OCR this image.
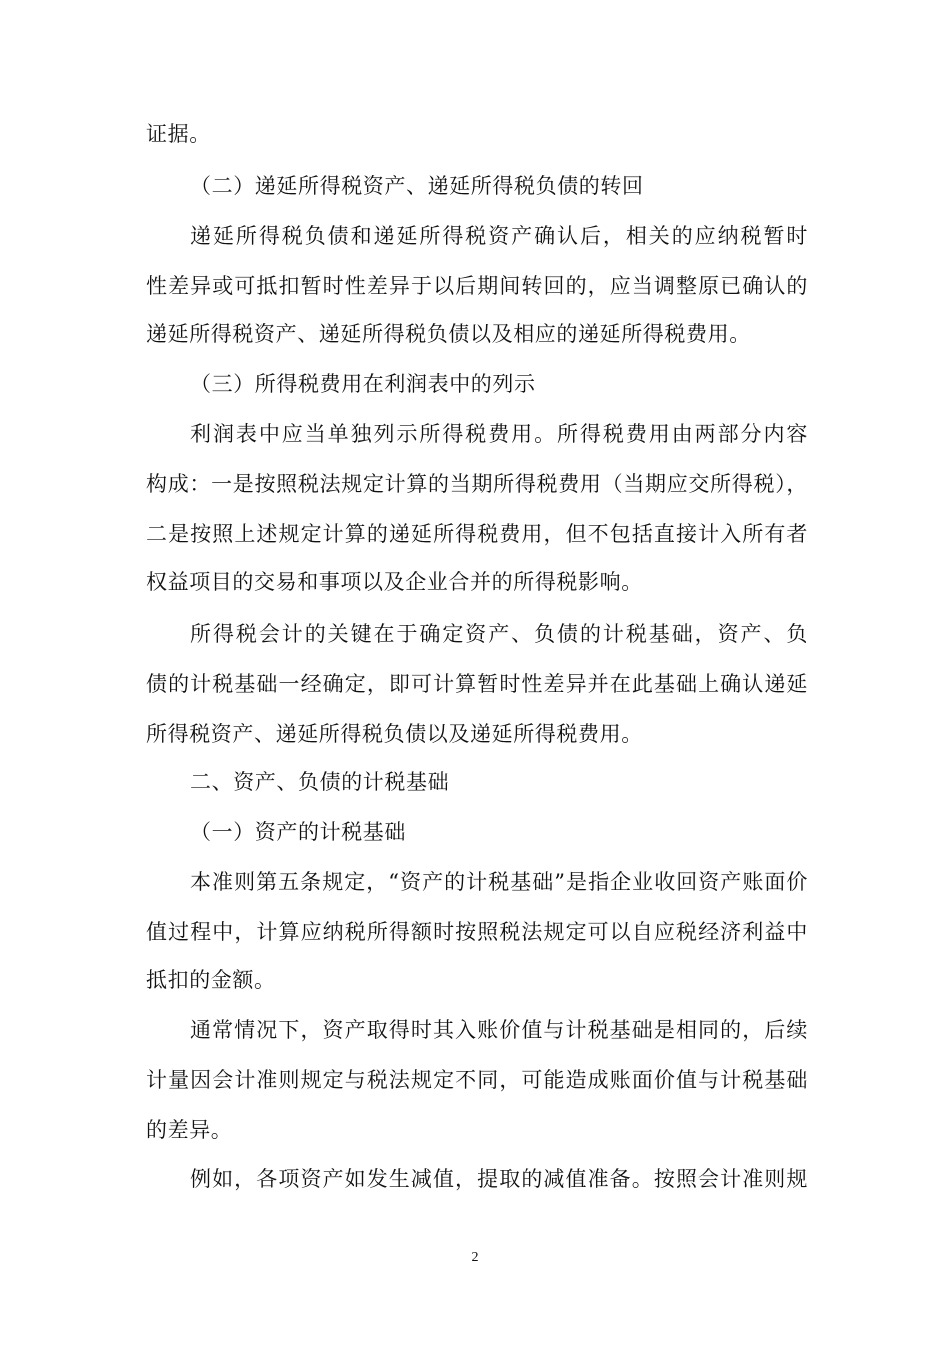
证据。
（二）递延所得税资产、递延所得税负债的转回
递延所得税负债和递延所得税资产确认后，相关的应纳税暂时
性差异或可抵扣暂时性差异于以后期间转回的，应当调整原已确认的
递延所得税资产、递延所得税负债以及相应的递延所得税费用。
（三）所得税费用在利润表中的列示
利润表中应当单独列示所得税费用。所得税费用由两部分内容
构成：一是按照税法规定计算的当期所得税费用（当期应交所得税），
二是按照上述规定计算的递延所得税费用，但不包括直接计入所有者
权益项目的交易和事项以及企业合并的所得税影响。
所得税会计的关键在于确定资产、负债的计税基础，资产、负
债的计税基础一经确定，即可计算暂时性差异并在此基础上确认递延
所得税资产、递延所得税负债以及递延所得税费用。
二、资产、负债的计税基础
（一）资产的计税基础
本准则第五条规定，“资产的计税基础”是指企业收回资产账面价
值过程中，计算应纳税所得额时按照税法规定可以自应税经济利益中
抵扣的金额。
通常情况下，资产取得时其入账价值与计税基础是相同的，后续
计量因会计准则规定与税法规定不同，可能造成账面价值与计税基础
的差异。
例如，各项资产如发生减值，提取的减值准备。按照会计准则规
2
